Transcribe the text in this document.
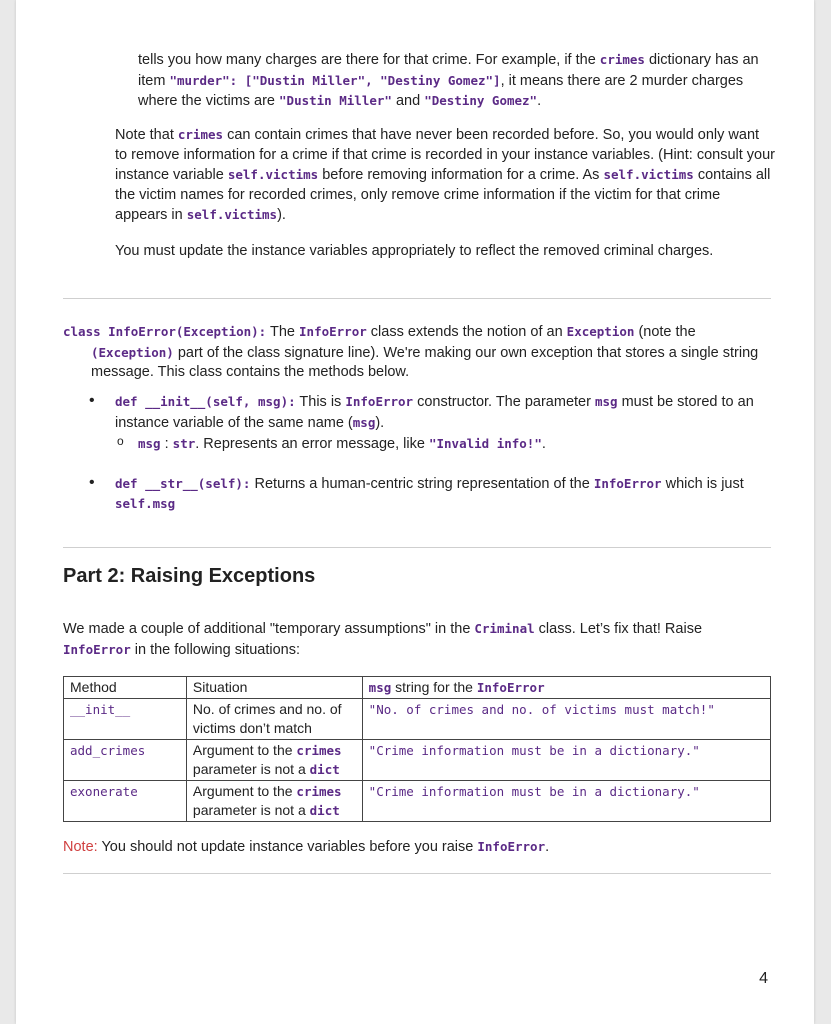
tells you how many charges are there for that crime. For example, if the crimes dictionary has an item "murder": ["Dustin Miller", "Destiny Gomez"], it means there are 2 murder charges where the victims are "Dustin Miller" and "Destiny Gomez".

Note that crimes can contain crimes that have never been recorded before. So, you would only want to remove information for a crime if that crime is recorded in your instance variables. (Hint: consult your instance variable self.victims before removing information for a crime. As self.victims contains all the victim names for recorded crimes, only remove crime information if the victim for that crime appears in self.victims).

You must update the instance variables appropriately to reflect the removed criminal charges.

class InfoError(Exception): The InfoError class extends the notion of an Exception (note the (Exception) part of the class signature line). We're making our own exception that stores a single string message. This class contains the methods below.

• def __init__(self, msg): This is InfoError constructor. The parameter msg must be stored to an instance variable of the same name (msg).

o msg : str. Represents an error message, like "Invalid info!".

• def __str__(self): Returns a human-centric string representation of the InfoError which is just self.msg

Part 2: Raising Exceptions

We made a couple of additional "temporary assumptions" in the Criminal class. Let’s fix that! Raise InfoError in the following situations:

Method	Situation	msg string for the InfoError
__init__	No. of crimes and no. of victims don’t match	"No. of crimes and no. of victims must match!"
add_crimes	Argument to the crimes parameter is not a dict	"Crime information must be in a dictionary."
exonerate	Argument to the crimes parameter is not a dict	"Crime information must be in a dictionary."

Note: You should not update instance variables before you raise InfoError.

4
